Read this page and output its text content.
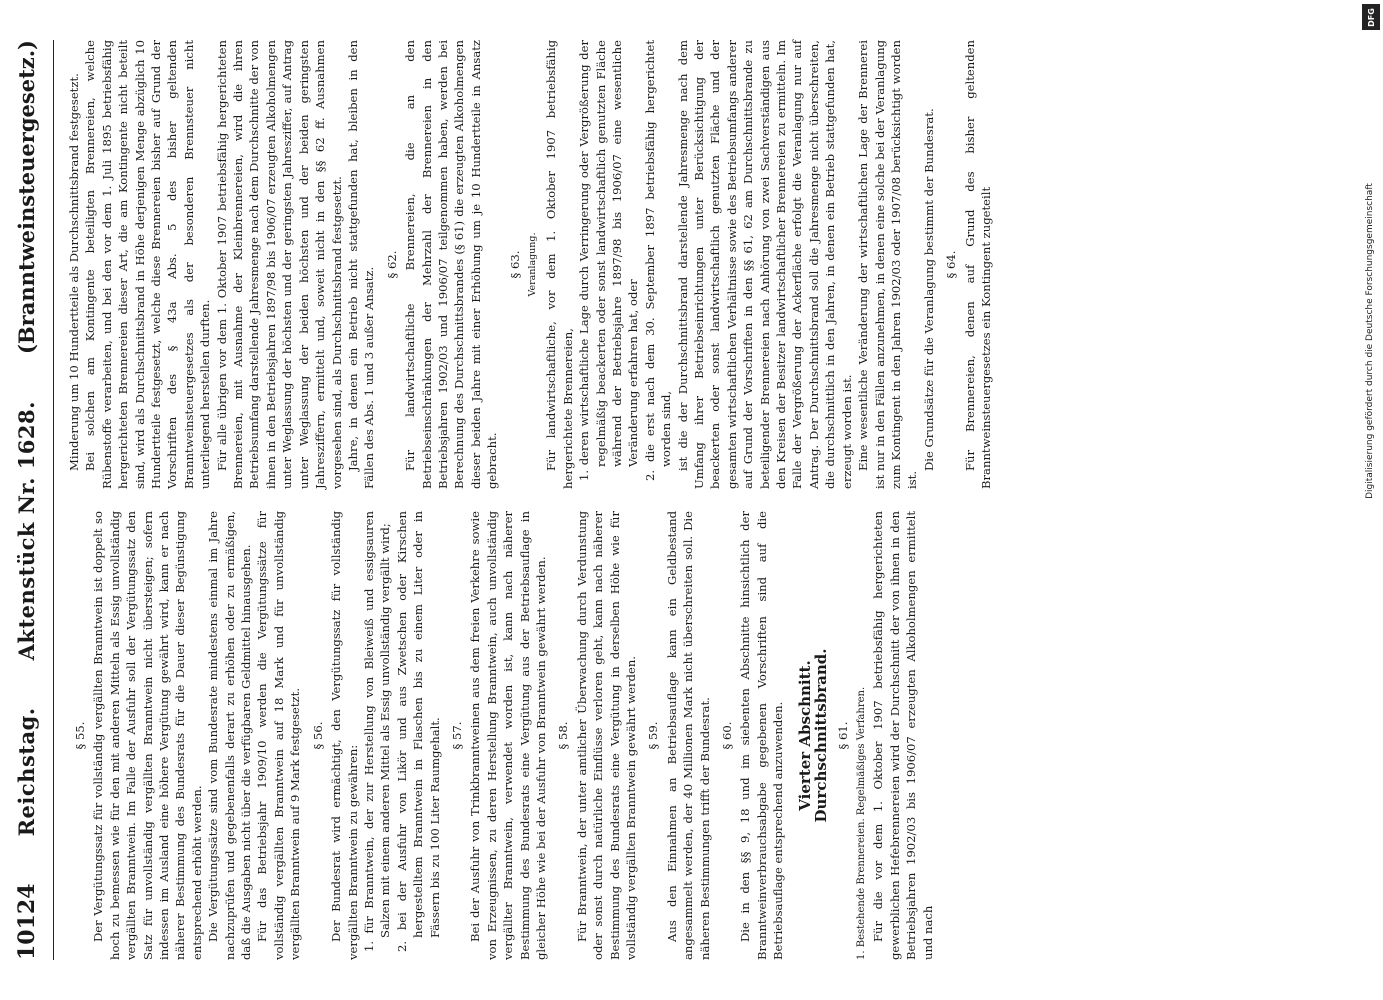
10124
Reichstag.
Aktenstück Nr. 1628.
(Branntweinsteuergesetz.)

§ 55. Der Vergütungssatz für vollständig vergällten Branntwein ist doppelt so hoch zu bemessen wie für den mit anderen Mitteln als Essig unvollständig vergällten Branntwein. Im Falle der Ausfuhr soll der Vergütungssatz den Satz für unvollständig vergällten Branntwein nicht übersteigen; sofern indessen im Ausland eine höhere Vergütung gewährt wird, kann er nach näherer Bestimmung des Bundesrats für die Dauer dieser Begünstigung entsprechend erhöht werden. Die Vergütungssätze sind vom Bundesrate mindestens einmal im Jahre nachzuprüfen und gegebenenfalls derart zu erhöhen oder zu ermäßigen, daß die Ausgaben nicht über die verfügbaren Geldmittel hinausgehen. Für das Betriebsjahr 1909/10 werden die Vergütungssätze für vollständig vergällten Branntwein auf 18 Mark und für unvollständig vergällten Branntwein auf 9 Mark festgesetzt. § 56. Der Bundesrat wird ermächtigt, den Vergütungssatz für vollständig vergällten Branntwein zu gewähren: 1. für Branntwein, der zur Herstellung von Bleiweiß und essigsauren Salzen mit einem anderen Mittel als Essig unvollständig vergällt wird; 2. bei der Ausfuhr von Likör und aus Zwetschen oder Kirschen hergestelltem Branntwein in Flaschen bis zu einem Liter oder in Fässern bis zu 100 Liter Raumgehalt. § 57. Bei der Ausfuhr von Trinkbranntweinen aus dem freien Verkehre sowie von Erzeugnissen, zu deren Herstellung Branntwein, auch unvollständig vergällter Branntwein, verwendet worden ist, kann nach näherer Bestimmung des Bundesrats eine Vergütung aus der Betriebsauflage in gleicher Höhe wie bei der Ausfuhr von Branntwein gewährt werden. § 58. Für Branntwein, der unter amtlicher Überwachung durch Verdunstung oder sonst durch natürliche Einflüsse verloren geht, kann nach näherer Bestimmung des Bundesrats eine Vergütung in derselben Höhe wie für vollständig vergällten Branntwein gewährt werden. § 59. Aus den Einnahmen an Betriebsauflage kann ein Geldbestand angesammelt werden, der 40 Millionen Mark nicht überschreiten soll. Die näheren Bestimmungen trifft der Bundesrat. § 60. Die in den §§ 9, 18 und im siebenten Abschnitte hinsichtlich der Branntweinverbrauchsabgabe gegebenen Vorschriften sind auf die Betriebsauflage entsprechend anzuwenden. Vierter Abschnitt.

Durchschnittsbrand. § 61. 1. Bestehende Brennereien. Regelmäßiges Verfahren. Für die vor dem 1. Oktober 1907 betriebsfähig hergerichteten gewerblichen Hefebrennereien wird der Durchschnitt der von ihnen in den Betriebsjahren 1902/03 bis 1906/07 erzeugten Alkoholmengen ermittelt und nach

Minderung um 10 Hundertteile als Durchschnittsbrand festgesetzt. Bei solchen am Kontingente beteiligten Brennereien, welche Rübenstoffe verarbeiten, und bei den vor dem 1. Juli 1895 betriebsfähig hergerichteten Brennereien dieser Art, die am Kontingente nicht beteilt sind, wird als Durchschnittsbrand in Höhe derjenigen Menge abzüglich 10 Hundertteile festgesetzt, welche diese Brennereien bisher auf Grund der Vorschriften des § 43a Abs. 5 des bisher geltenden Branntweinsteuergesetzes als der besonderen Brennsteuer nicht unterliegend herstellen durften. Für alle übrigen vor dem 1. Oktober 1907 betriebsfähig hergerichteten Brennereien, mit Ausnahme der Kleinbrennereien, wird die ihren Betriebsumfang darstellende Jahresmenge nach dem Durchschnitte der von ihnen in den Betriebsjahren 1897/98 bis 1906/07 erzeugten Alkoholmengen unter Weglassung der höchsten und der geringsten Jahresziffer, auf Antrag unter Weglassung der beiden höchsten und der beiden geringsten Jahresziffern, ermittelt und, soweit nicht in den §§ 62 ff. Ausnahmen vorgesehen sind, als Durchschnittsbrand festgesetzt. Jahre, in denen ein Betrieb nicht stattgefunden hat, bleiben in den Fällen des Abs. 1 und 3 außer Ansatz.

§ 62. Für landwirtschaftliche Brennereien, die an den Betriebseinschränkungen der Mehrzahl der Brennereien in den Betriebsjahren 1902/03 und 1906/07 teilgenommen haben, werden bei Berechnung des Durchschnittsbrandes (§ 61) die erzeugten Alkoholmengen dieser beiden Jahre mit einer Erhöhung um je 10 Hundertteile in Ansatz gebracht.

§ 63. Veranlagung. Für landwirtschaftliche, vor dem 1. Oktober 1907 betriebsfähig hergerichtete Brennereien, 1. deren wirtschaftliche Lage durch Verringerung oder Vergrößerung der regelmäßig beackerten oder sonst landwirtschaftlich genutzten Fläche während der Betriebsjahre 1897/98 bis 1906/07 eine wesentliche Veränderung erfahren hat, oder 2. die erst nach dem 30. September 1897 betriebsfähig hergerichtet worden sind, ist die der Durchschnittsbrand darstellende Jahresmenge nach dem Umfang ihrer Betriebseinrichtungen unter Berücksichtigung der beackerten oder sonst landwirtschaftlich genutzten Fläche und der gesamten wirtschaftlichen Verhältnisse sowie des Betriebsumfangs anderer auf Grund der Vorschriften in den §§ 61, 62 am Durchschnittsbrande zu beteiligender Brennereien nach Anhörung von zwei Sachverständigen aus den Kreisen der Besitzer landwirtschaftlicher Brennereien zu ermitteln. Im Falle der Vergrößerung der Ackerfläche erfolgt die Veranlagung nur auf Antrag. Der Durchschnittsbrand soll die Jahresmenge nicht überschreiten, die durchschnittlich in den Jahren, in denen ein Betrieb stattgefunden hat, erzeugt worden ist. Eine wesentliche Veränderung der wirtschaftlichen Lage der Brennerei ist nur in den Fällen anzunehmen, in denen eine solche bei der Veranlagung zum Kontingent in den Jahren 1902/03 oder 1907/08 berücksichtigt worden ist.

Die Grundsätze für die Veranlagung bestimmt der Bundesrat. § 64. Für Brennereien, denen auf Grund des bisher geltenden Branntweinsteuergesetzes ein Kontingent zugeteilt

DFG
Digitalisierung gefördert durch die Deutsche Forschungsgemeinschaft
